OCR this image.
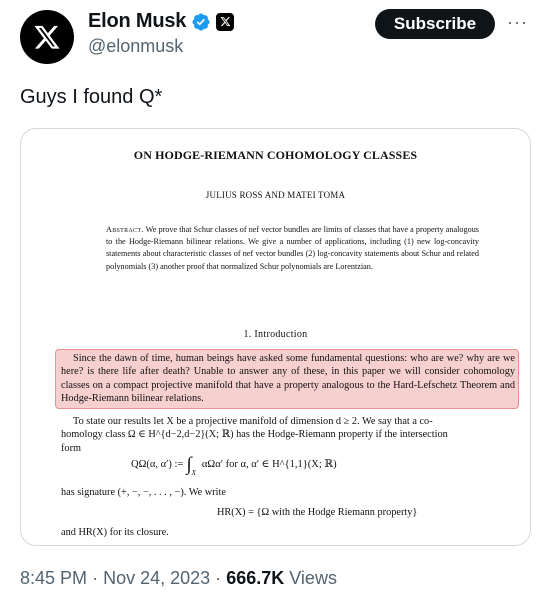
Elon Musk
@elonmusk
Subscribe	···
Guys I found Q*
ON HODGE-RIEMANN COHOMOLOGY CLASSES
JULIUS ROSS AND MATEI TOMA
Abstract. We prove that Schur classes of nef vector bundles are limits of classes that have a property analogous to the Hodge-Riemann bilinear relations. We give a number of applications, including (1) new log-concavity statements about characteristic classes of nef vector bundles (2) log-concavity statements about Schur and related polynomials (3) another proof that normalized Schur polynomials are Lorentzian.
1. Introduction
Since the dawn of time, human beings have asked some fundamental questions: who are we? why are we here? is there life after death? Unable to answer any of these, in this paper we will consider cohomology classes on a compact projective manifold that have a property analogous to the Hard-Lefschetz Theorem and Hodge-Riemann bilinear relations.
To state our results let X be a projective manifold of dimension d ≥ 2. We say that a co-
homology class Ω ∈ H^{d−2,d−2}(X; ℝ) has the Hodge-Riemann property if the intersection
form
QΩ(α, α′) := ∫ X
αΩα′ for α, α′ ∈ H^{1,1}(X; ℝ)
has signature (+, −, −, . . . , −). We write
HR(X) = {Ω with the Hodge Riemann property}
and HR(X) for its closure.
8:45 PM · Nov 24, 2023 · 666.7K Views
